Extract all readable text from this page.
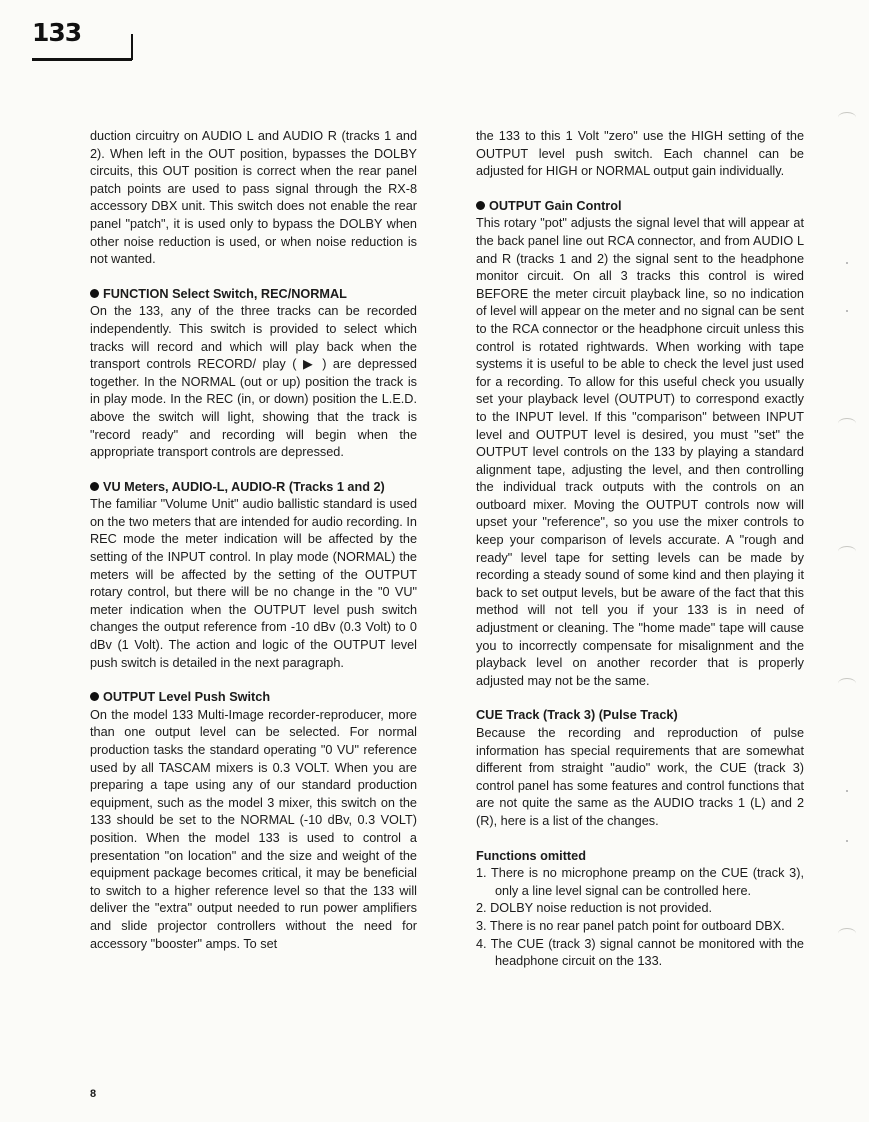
133

duction circuitry on AUDIO L and AUDIO R (tracks 1 and 2). When left in the OUT position, bypasses the DOLBY circuits, this OUT position is correct when the rear panel patch points are used to pass signal through the RX-8 accessory DBX unit. This switch does not enable the rear panel "patch", it is used only to bypass the DOLBY when other noise reduction is used, or when noise reduction is not wanted.

FUNCTION Select Switch, REC/NORMAL

On the 133, any of the three tracks can be recorded independently. This switch is provided to select which tracks will record and which will play back when the transport controls RECORD/ play ( ▶ ) are depressed together. In the NORMAL (out or up) position the track is in play mode. In the REC (in, or down) position the L.E.D. above the switch will light, showing that the track is "record ready" and recording will begin when the appropriate transport controls are depressed.

VU Meters, AUDIO-L, AUDIO-R (Tracks 1 and 2)

The familiar "Volume Unit" audio ballistic standard is used on the two meters that are intended for audio recording. In REC mode the meter indication will be affected by the setting of the INPUT control. In play mode (NORMAL) the meters will be affected by the setting of the OUTPUT rotary control, but there will be no change in the "0 VU" meter indication when the OUTPUT level push switch changes the output reference from -10 dBv (0.3 Volt) to 0 dBv (1 Volt). The action and logic of the OUTPUT level push switch is detailed in the next paragraph.

OUTPUT Level Push Switch

On the model 133 Multi-Image recorder-reproducer, more than one output level can be selected. For normal production tasks the standard operating "0 VU" reference used by all TASCAM mixers is 0.3 VOLT. When you are preparing a tape using any of our standard production equipment, such as the model 3 mixer, this switch on the 133 should be set to the NORMAL (-10 dBv, 0.3 VOLT) position. When the model 133 is used to control a presentation "on location" and the size and weight of the equipment package becomes critical, it may be beneficial to switch to a higher reference level so that the 133 will deliver the "extra" output needed to run power amplifiers and slide projector controllers without the need for accessory "booster" amps. To set

the 133 to this 1 Volt "zero" use the HIGH setting of the OUTPUT level push switch. Each channel can be adjusted for HIGH or NORMAL output gain individually.

OUTPUT Gain Control

This rotary "pot" adjusts the signal level that will appear at the back panel line out RCA connector, and from AUDIO L and R (tracks 1 and 2) the signal sent to the headphone monitor circuit. On all 3 tracks this control is wired BEFORE the meter circuit playback line, so no indication of level will appear on the meter and no signal can be sent to the RCA connector or the headphone circuit unless this control is rotated rightwards. When working with tape systems it is useful to be able to check the level just used for a recording. To allow for this useful check you usually set your playback level (OUTPUT) to correspond exactly to the INPUT level. If this "comparison" between INPUT level and OUTPUT level is desired, you must "set" the OUTPUT level controls on the 133 by playing a standard alignment tape, adjusting the level, and then controlling the individual track outputs with the controls on an outboard mixer. Moving the OUTPUT controls now will upset your "reference", so you use the mixer controls to keep your comparison of levels accurate. A "rough and ready" level tape for setting levels can be made by recording a steady sound of some kind and then playing it back to set output levels, but be aware of the fact that this method will not tell you if your 133 is in need of adjustment or cleaning. The "home made" tape will cause you to incorrectly compensate for misalignment and the playback level on another recorder that is properly adjusted may not be the same.

CUE Track (Track 3) (Pulse Track)

Because the recording and reproduction of pulse information has special requirements that are somewhat different from straight "audio" work, the CUE (track 3) control panel has some features and control functions that are not quite the same as the AUDIO tracks 1 (L) and 2 (R), here is a list of the changes.

Functions omitted
1. There is no microphone preamp on the CUE (track 3), only a line level signal can be controlled here.
2. DOLBY noise reduction is not provided.
3. There is no rear panel patch point for outboard DBX.
4. The CUE (track 3) signal cannot be monitored with the headphone circuit on the 133.
8
